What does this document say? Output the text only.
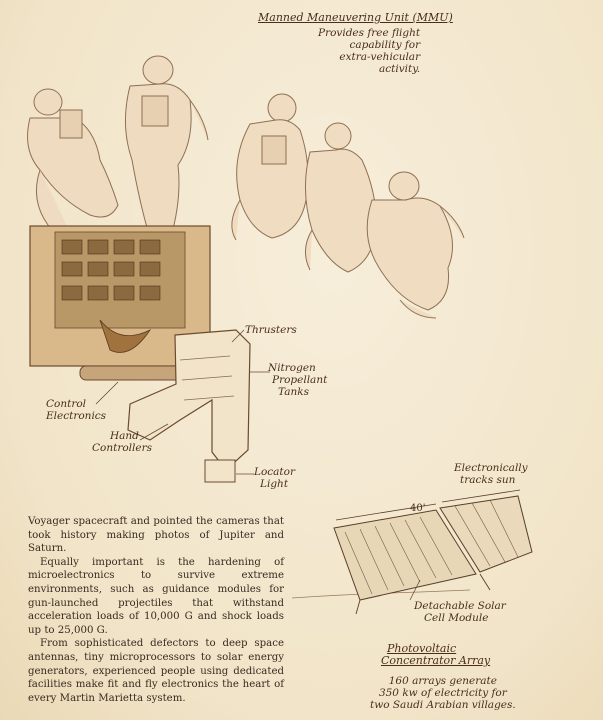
Manned Maneuvering Unit (MMU)
Provides free flight
capability for
extra-vehicular
activity.
Thrusters
Nitrogen
Propellant
Tanks
Control
Electronics
Hand
Controllers
Locator
Light
Electronically
tracks sun
40'
Detachable Solar
Cell Module
Photovoltaic
Concentrator Array
160 arrays generate
350 kw of electricity for
two Saudi Arabian villages.

Voyager spacecraft and pointed the cameras that took history making photos of Jupiter and Saturn.

Equally important is the hardening of microelectronics to survive extreme environments, such as guidance modules for gun-launched projectiles that withstand acceleration loads of 10,000 G and shock loads up to 25,000 G.

From sophisticated defectors to deep space antennas, tiny microprocessors to solar energy generators, experienced people using dedicated facilities make fit and fly electronics the heart of every Martin Marietta system.
